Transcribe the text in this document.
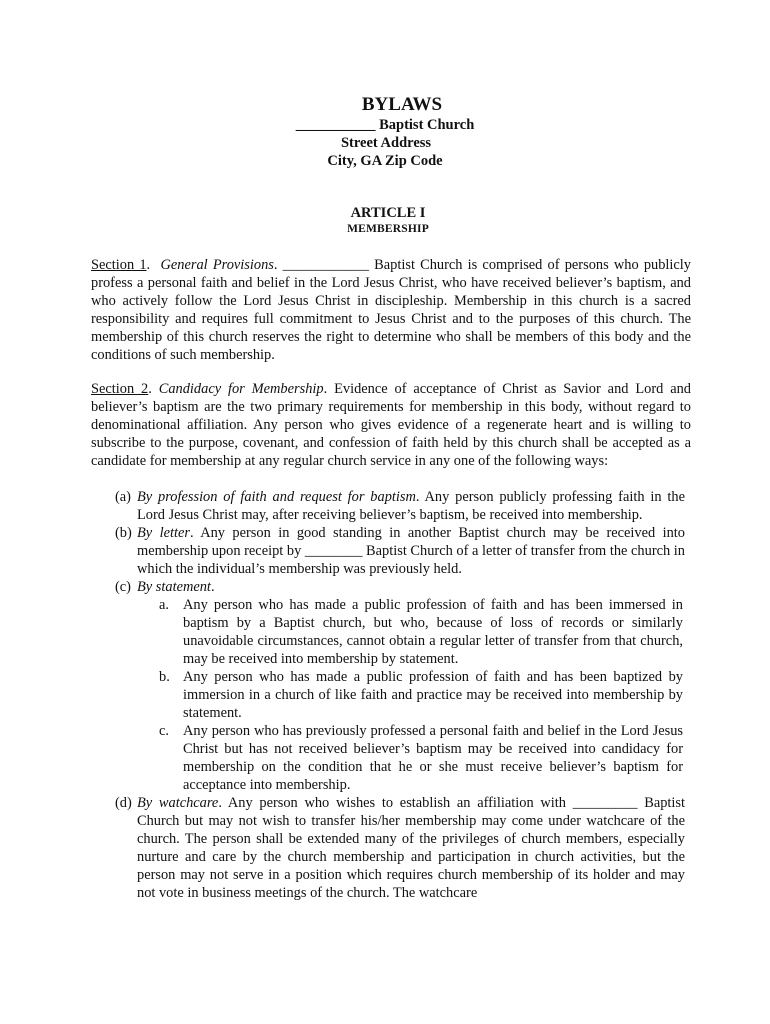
BYLAWS
___________ Baptist Church
Street Address
City, GA Zip Code
ARTICLE I
MEMBERSHIP
Section 1.  General Provisions. ____________ Baptist Church is comprised of persons who publicly profess a personal faith and belief in the Lord Jesus Christ, who have received believer’s baptism, and who actively follow the Lord Jesus Christ in discipleship. Membership in this church is a sacred responsibility and requires full commitment to Jesus Christ and to the purposes of this church. The membership of this church reserves the right to determine who shall be members of this body and the conditions of such membership.
Section 2. Candidacy for Membership. Evidence of acceptance of Christ as Savior and Lord and believer’s baptism are the two primary requirements for membership in this body, without regard to denominational affiliation. Any person who gives evidence of a regenerate heart and is willing to subscribe to the purpose, covenant, and confession of faith held by this church shall be accepted as a candidate for membership at any regular church service in any one of the following ways:
(a) By profession of faith and request for baptism. Any person publicly professing faith in the Lord Jesus Christ may, after receiving believer’s baptism, be received into membership.
(b) By letter. Any person in good standing in another Baptist church may be received into membership upon receipt by ________ Baptist Church of a letter of transfer from the church in which the individual’s membership was previously held.
(c) By statement.
a. Any person who has made a public profession of faith and has been immersed in baptism by a Baptist church, but who, because of loss of records or similarly unavoidable circumstances, cannot obtain a regular letter of transfer from that church, may be received into membership by statement.
b. Any person who has made a public profession of faith and has been baptized by immersion in a church of like faith and practice may be received into membership by statement.
c. Any person who has previously professed a personal faith and belief in the Lord Jesus Christ but has not received believer’s baptism may be received into candidacy for membership on the condition that he or she must receive believer’s baptism for acceptance into membership.
(d) By watchcare. Any person who wishes to establish an affiliation with _________ Baptist Church but may not wish to transfer his/her membership may come under watchcare of the church. The person shall be extended many of the privileges of church members, especially nurture and care by the church membership and participation in church activities, but the person may not serve in a position which requires church membership of its holder and may not vote in business meetings of the church. The watchcare
